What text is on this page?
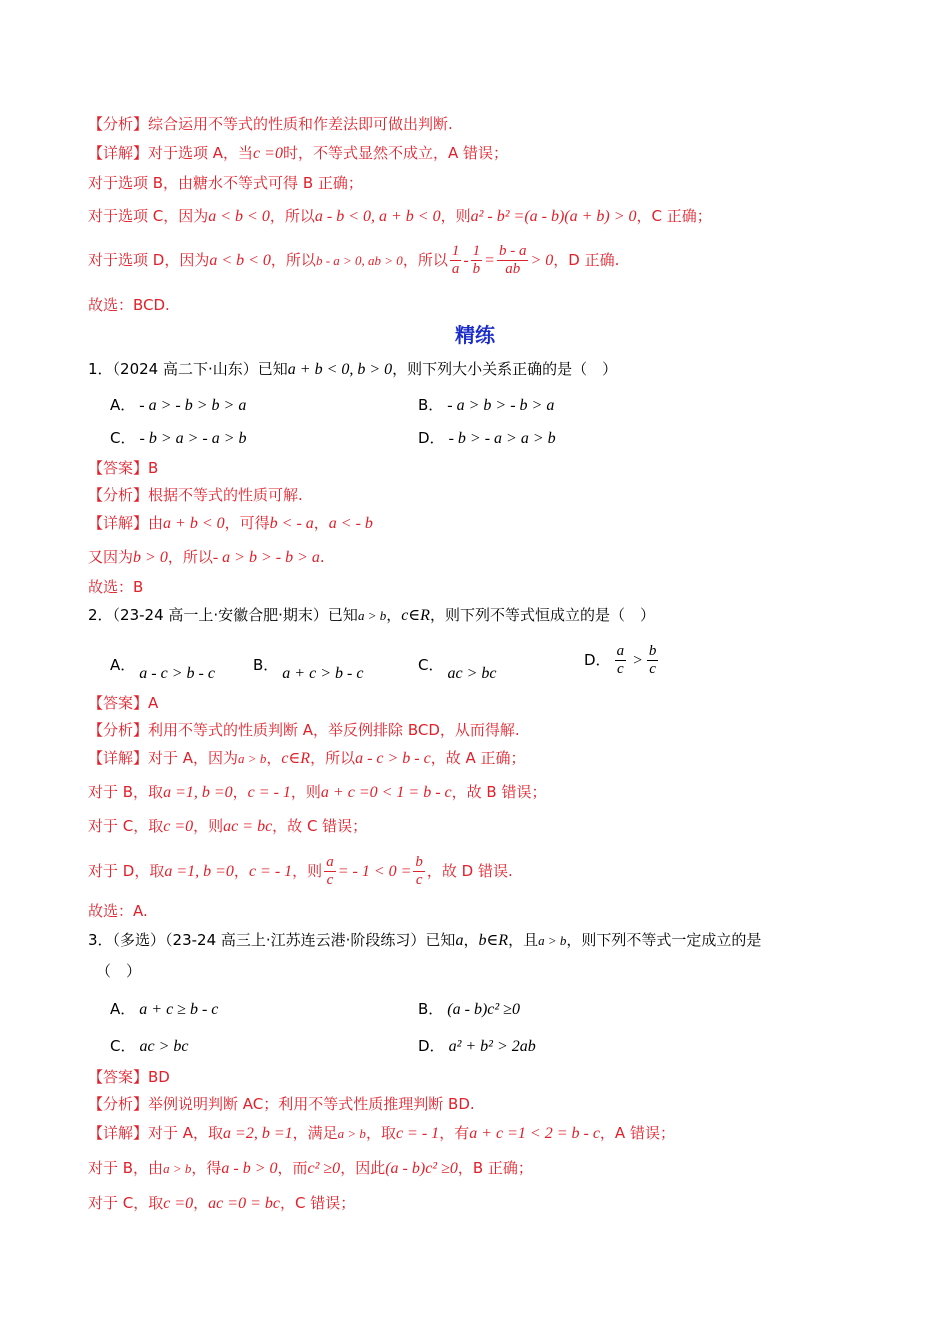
【分析】综合运用不等式的性质和作差法即可做出判断.
【详解】对于选项 A，当c =0时，不等式显然不成立，A 错误；
对于选项 B，由糖水不等式可得 B 正确；
对于选项 C，因为a < b < 0，所以a - b < 0, a + b < 0，则a² - b² =(a - b)(a + b) > 0，C 正确；
对于选项 D，因为a < b < 0，所以b - a > 0, ab > 0，所以 $\frac{1}{a} - \frac{1}{b} = \frac{b - a}{ab} > 0$，D 正确.
故选：BCD.
精练
1．（2024 高二下·山东）已知a + b < 0, b > 0，则下列大小关系正确的是（　）
A． - a > - b > b > a	B． - a > b > - b > a
C． - b > a > - a > b	D． - b > - a > a > b
【答案】B
【分析】根据不等式的性质可解.
【详解】由a + b < 0，可得b < - a，a < - b
又因为b > 0，所以- a > b > - b > a.
故选：B
2．（23-24 高一上·安徽合肥·期末）已知a > b，c∈R，则下列不等式恒成立的是（　）
A． a - c > b - c	B． a + c > b - c	C． ac > bc
D． $\frac{a}{c} > \frac{b}{c}$
【答案】A
【分析】利用不等式的性质判断 A，举反例排除 BCD，从而得解.
【详解】对于 A，因为a > b，c∈R，所以a - c > b - c，故 A 正确；
对于 B，取a =1, b =0，c = - 1，则a + c =0 < 1 = b - c，故 B 错误；
对于 C，取c =0，则ac = bc，故 C 错误；
对于 D，取a =1, b =0，c = - 1，则 $\frac{a}{c}$ = - $1 < 0 = \frac{b}{c}$ ，故 D 错误.
故选：A.
3．（多选）（23-24 高三上·江苏连云港·阶段练习）已知a，b∈R，且a > b，则下列不等式一定成立的是
（　）
A． a + c ≥ b - c	B． (a - b)c² ≥0
C． ac > bc	D． a² + b² > 2ab
【答案】BD
【分析】举例说明判断 AC；利用不等式性质推理判断 BD.
【详解】对于 A，取a =2, b =1，满足a > b，取c = - 1，有a + c =1 < 2 = b - c，A 错误；
对于 B，由a > b，得a - b > 0，而c² ≥0，因此(a - b)c² ≥0，B 正确；
对于 C，取c =0，ac =0 = bc，C 错误；
